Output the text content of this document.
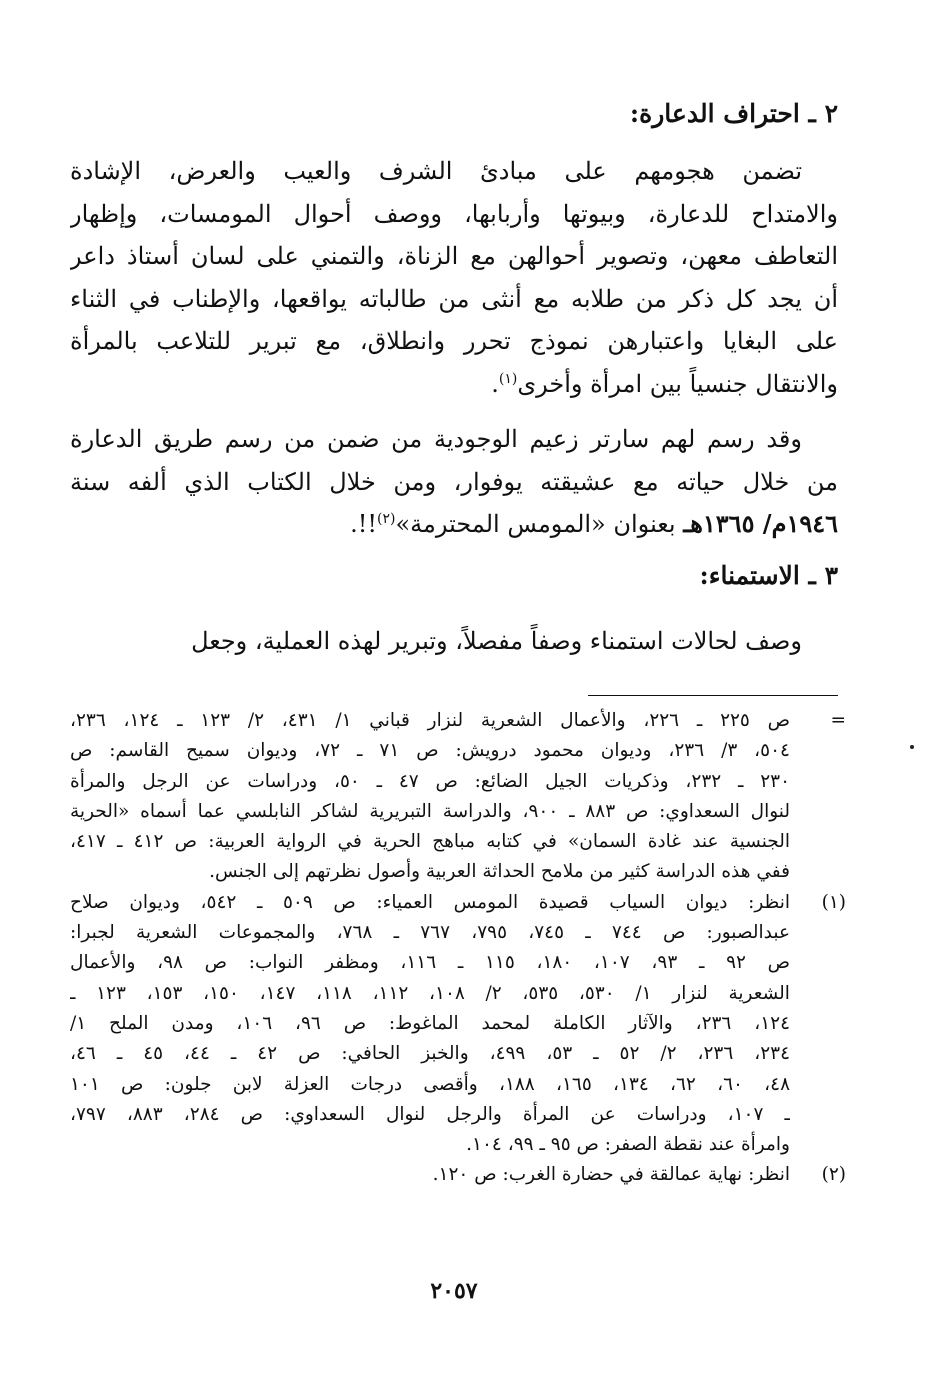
٢ ـ احتراف الدعارة:
تضمن هجومهم على مبادئ الشرف والعيب والعرض، الإشادة
والامتداح للدعارة، وبيوتها وأربابها، ووصف أحوال المومسات، وإظهار
التعاطف معهن، وتصوير أحوالهن مع الزناة، والتمني على لسان أستاذ داعر
أن يجد كل ذكر من طلابه مع أنثى من طالباته يواقعها، والإطناب في الثناء
على البغايا واعتبارهن نموذج تحرر وانطلاق، مع تبرير للتلاعب بالمرأة
والانتقال جنسياً بين امرأة وأخرى$^{(١)}$.
وقد رسم لهم سارتر زعيم الوجودية من ضمن من رسم طريق الدعارة
من خلال حياته مع عشيقته يوفوار، ومن خلال الكتاب الذي ألفه سنة
١٩٤٦م/ ١٣٦٥هـ بعنوان «المومس المحترمة»$^{(٢)}$!!.
٣ ـ الاستمناء:
وصف لحالات استمناء وصفاً مفصلاً، وتبرير لهذه العملية، وجعل
=
ص ٢٢٥ ـ ٢٢٦، والأعمال الشعرية لنزار قباني ١/ ٤٣١، ٢/ ١٢٣ ـ ١٢٤، ٢٣٦،
٥٠٤، ٣/ ٢٣٦، وديوان محمود درويش: ص ٧١ ـ ٧٢، وديوان سميح القاسم: ص
٢٣٠ ـ ٢٣٢، وذكريات الجيل الضائع: ص ٤٧ ـ ٥٠، ودراسات عن الرجل والمرأة
لنوال السعداوي: ص ٨٨٣ ـ ٩٠٠، والدراسة التبريرية لشاكر النابلسي عما أسماه «الحرية
الجنسية عند غادة السمان» في كتابه مباهج الحرية في الرواية العربية: ص ٤١٢ ـ ٤١٧،
ففي هذه الدراسة كثير من ملامح الحداثة العربية وأصول نظرتهم إلى الجنس.
(١)
انظر: ديوان السياب قصيدة المومس العمياء: ص ٥٠٩ ـ ٥٤٢، وديوان صلاح
عبدالصبور: ص ٧٤٤ ـ ٧٤٥، ٧٩٥، ٧٦٧ ـ ٧٦٨، والمجموعات الشعرية لجبرا:
ص ٩٢ ـ ٩٣، ١٠٧، ١٨٠، ١١٥ ـ ١١٦، ومظفر النواب: ص ٩٨، والأعمال
الشعرية لنزار ١/ ٥٣٠، ٥٣٥، ٢/ ١٠٨، ١١٢، ١١٨، ١٤٧، ١٥٠، ١٥٣، ١٢٣ ـ
١٢٤، ٢٣٦، والآثار الكاملة لمحمد الماغوط: ص ٩٦، ١٠٦، ومدن الملح ١/
٢٣٤، ٢٣٦، ٢/ ٥٢ ـ ٥٣، ٤٩٩، والخبز الحافي: ص ٤٢ ـ ٤٤، ٤٥ ـ ٤٦،
٤٨، ٦٠، ٦٢، ١٣٤، ١٦٥، ١٨٨، وأقصى درجات العزلة لابن جلون: ص ١٠١
ـ ١٠٧، ودراسات عن المرأة والرجل لنوال السعداوي: ص ٢٨٤، ٨٨٣، ٧٩٧،
وامرأة عند نقطة الصفر: ص ٩٥ ـ ٩٩، ١٠٤.
(٢)
انظر: نهاية عمالقة في حضارة الغرب: ص ١٢٠.

٢٠٥٧
